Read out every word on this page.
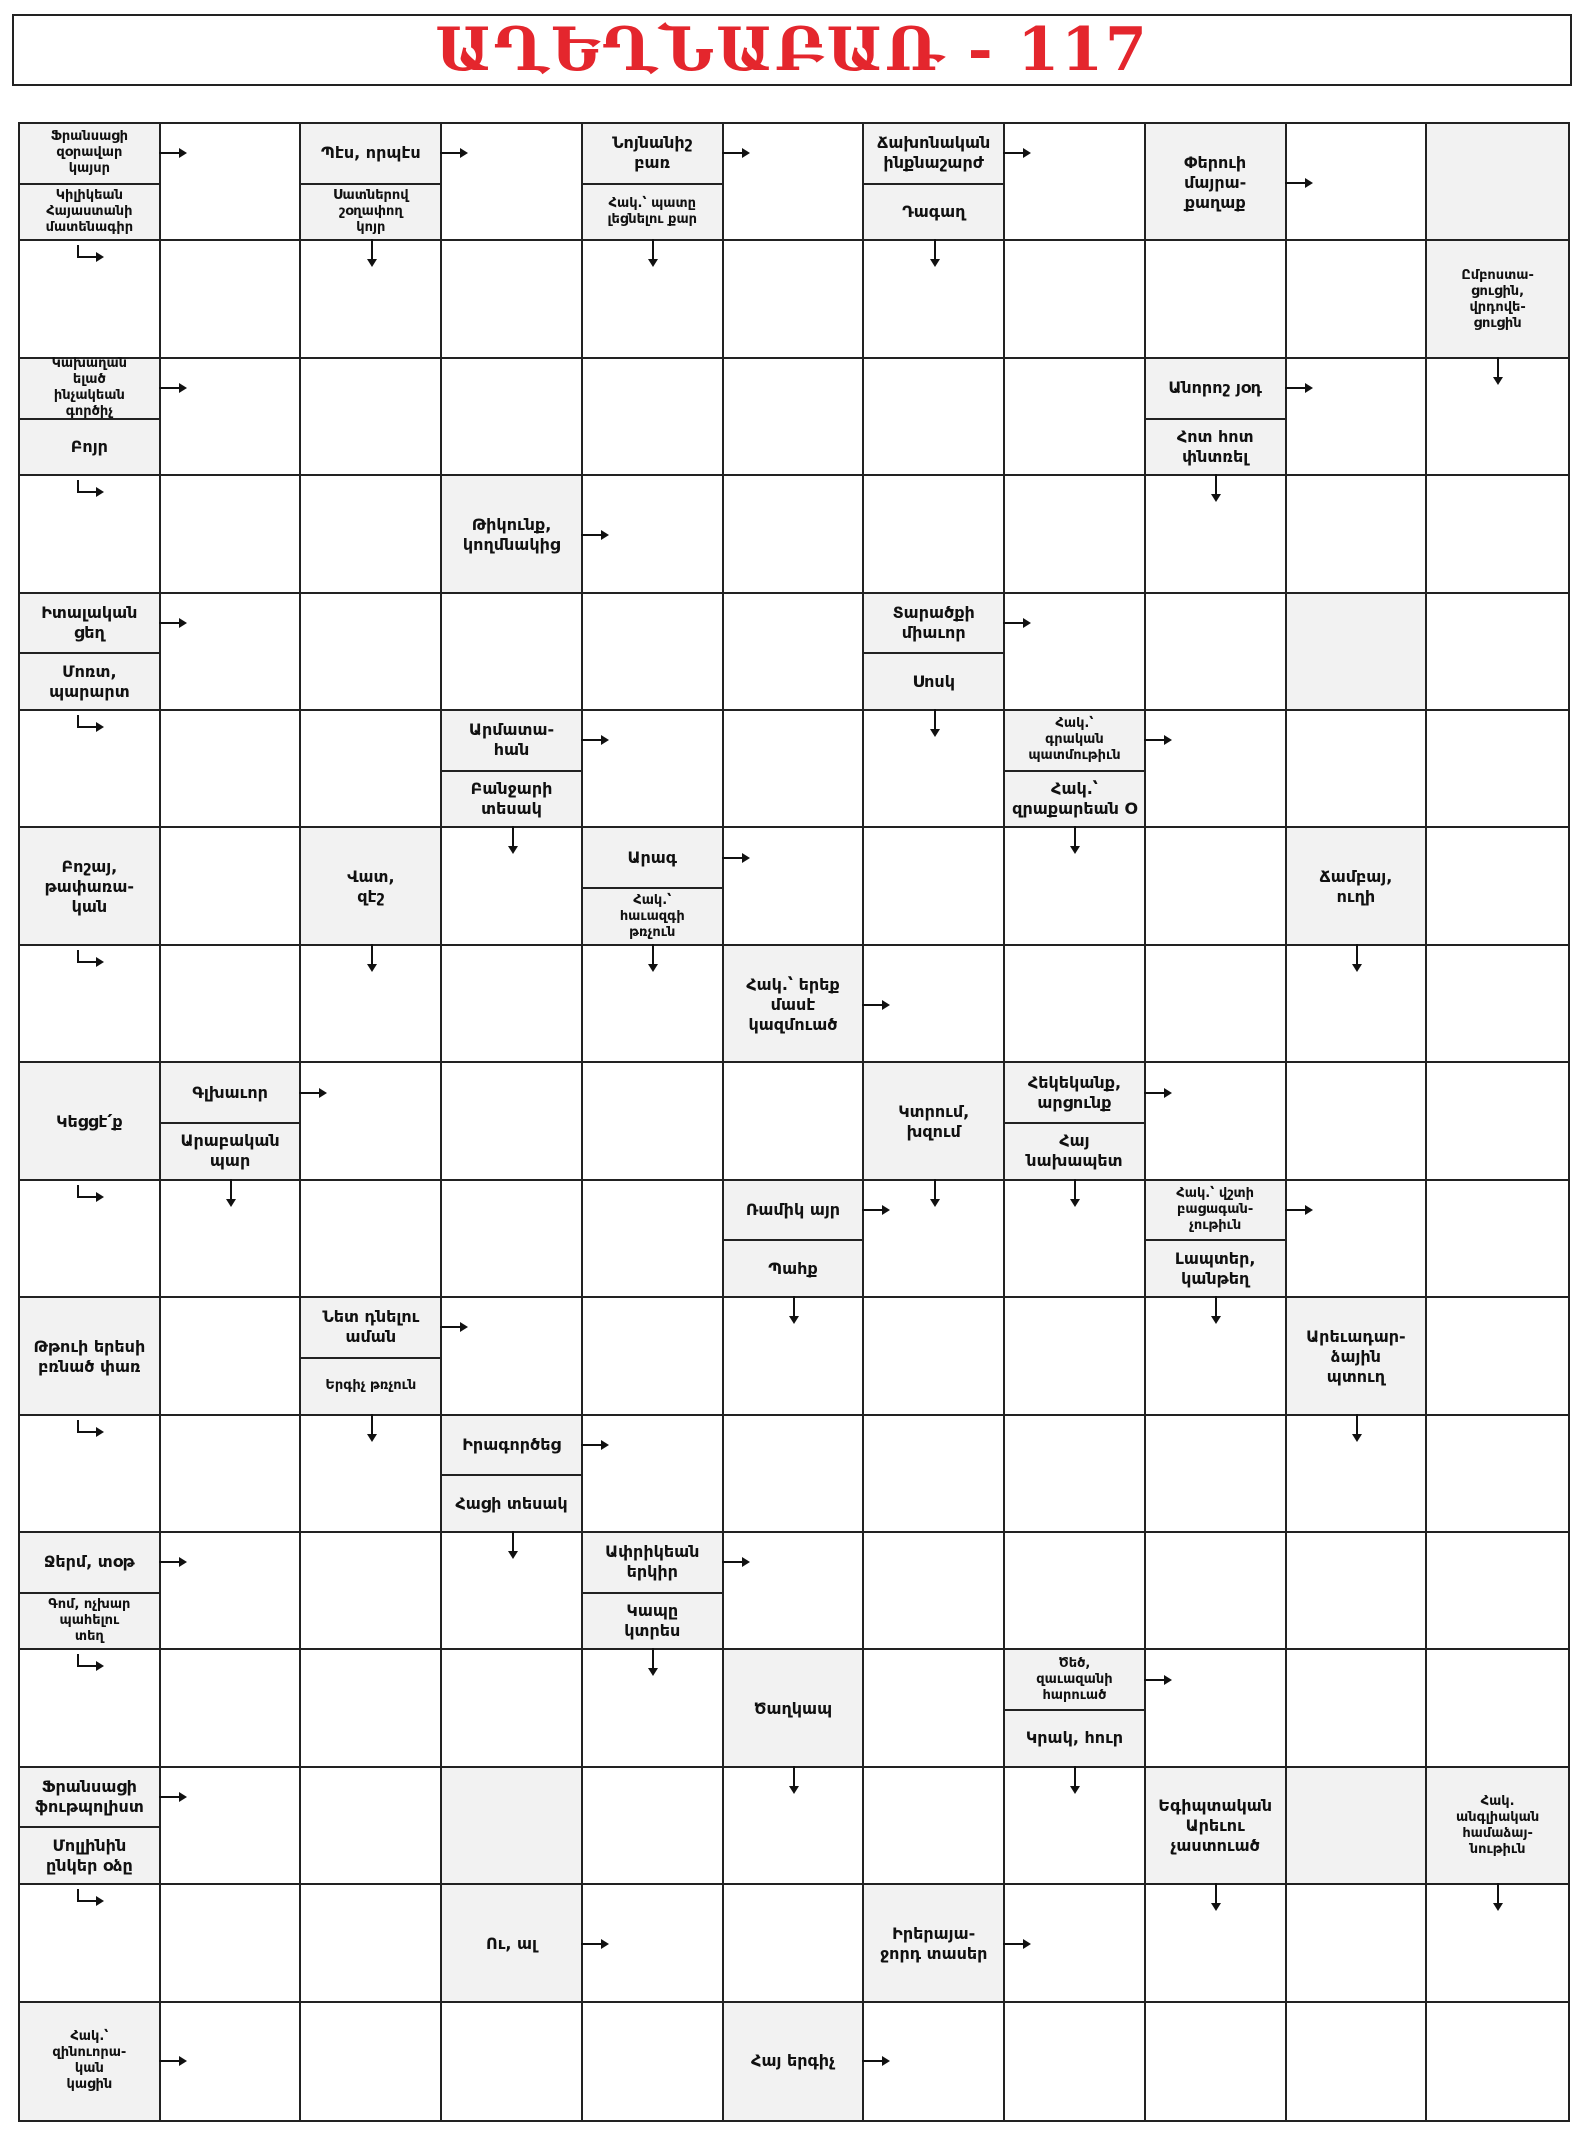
ԱՂԵՂՆԱԲԱՌ - 117
Ֆրանսացի
զօրավար
կայսր
Կիլիկեան
Հայաստանի
մատենագիր
Պէս, որպէս
Սատներով
շօղափող
կոյր
Նոյնանիշ
բառ
Հակ.՝ պատը
լեցնելու քար
Ճախոնական
ինքնաշարժ
Դագաղ
Փերուի
մայրա-
քաղաք
Ըմբոստա-
ցուցին,
վրդովե-
ցուցին
Կախաղան
ելած
ինչակեան
գործիչ
Բոյր
Անորոշ յօդ
Հոտ հոտ
փնտռել
Թիկունք,
կողմնակից
Իտալական
ցեղ
Մոռտ,
պարարտ
Տարածքի
միաւոր
Սոսկ
Արմատա-
հան
Բանջարի
տեսակ
Հակ.՝
գրական
պատմութիւն
Հակ.՝
զրաքարեան Օ
Բոշայ,
թափառա-
կան
Վատ,
զէշ
Արագ
Հակ.՝
հաւազգի
թռչուն
Ճամբայ,
ուղի
Հակ.՝ երեք
մասէ
կազմուած
Կեցցէ՛ք
Գլխաւոր
Արաբական
պար
Կտրում,
խզում
Հեկեկանք,
արցունք
Հայ
նախապետ
Ռամիկ այր
Պահք
Հակ.՝ վշտի
բացագան-
չութիւն
Լապտեր,
կանթեղ
Թթուի երեսի
բռնած փառ
Նետ դնելու
աման
Երգիչ թռչուն
Արեւադար-
ձային
պտուղ
Իրագործեց
Հացի տեսակ
Ջերմ, տօթ
Գոմ, ոչխար
պահելու
տեղ
Ափրիկեան
երկիր
Կապը
կտրես
Ծաղկապ
Ծեծ,
զաւազանի
հարուած
Կրակ, հուր
Ֆրանսացի
ֆութպոլիստ
Մոլլինին
ընկեր օձը
Եգիպտական
Արեւու
չաստուած
Հակ.
անգլիական
համաձայ-
նութիւն
Ու, ալ
Իրերայա-
ջորդ տասեր
Հակ.՝
զինուորա-
կան
կացին
Հայ երգիչ
